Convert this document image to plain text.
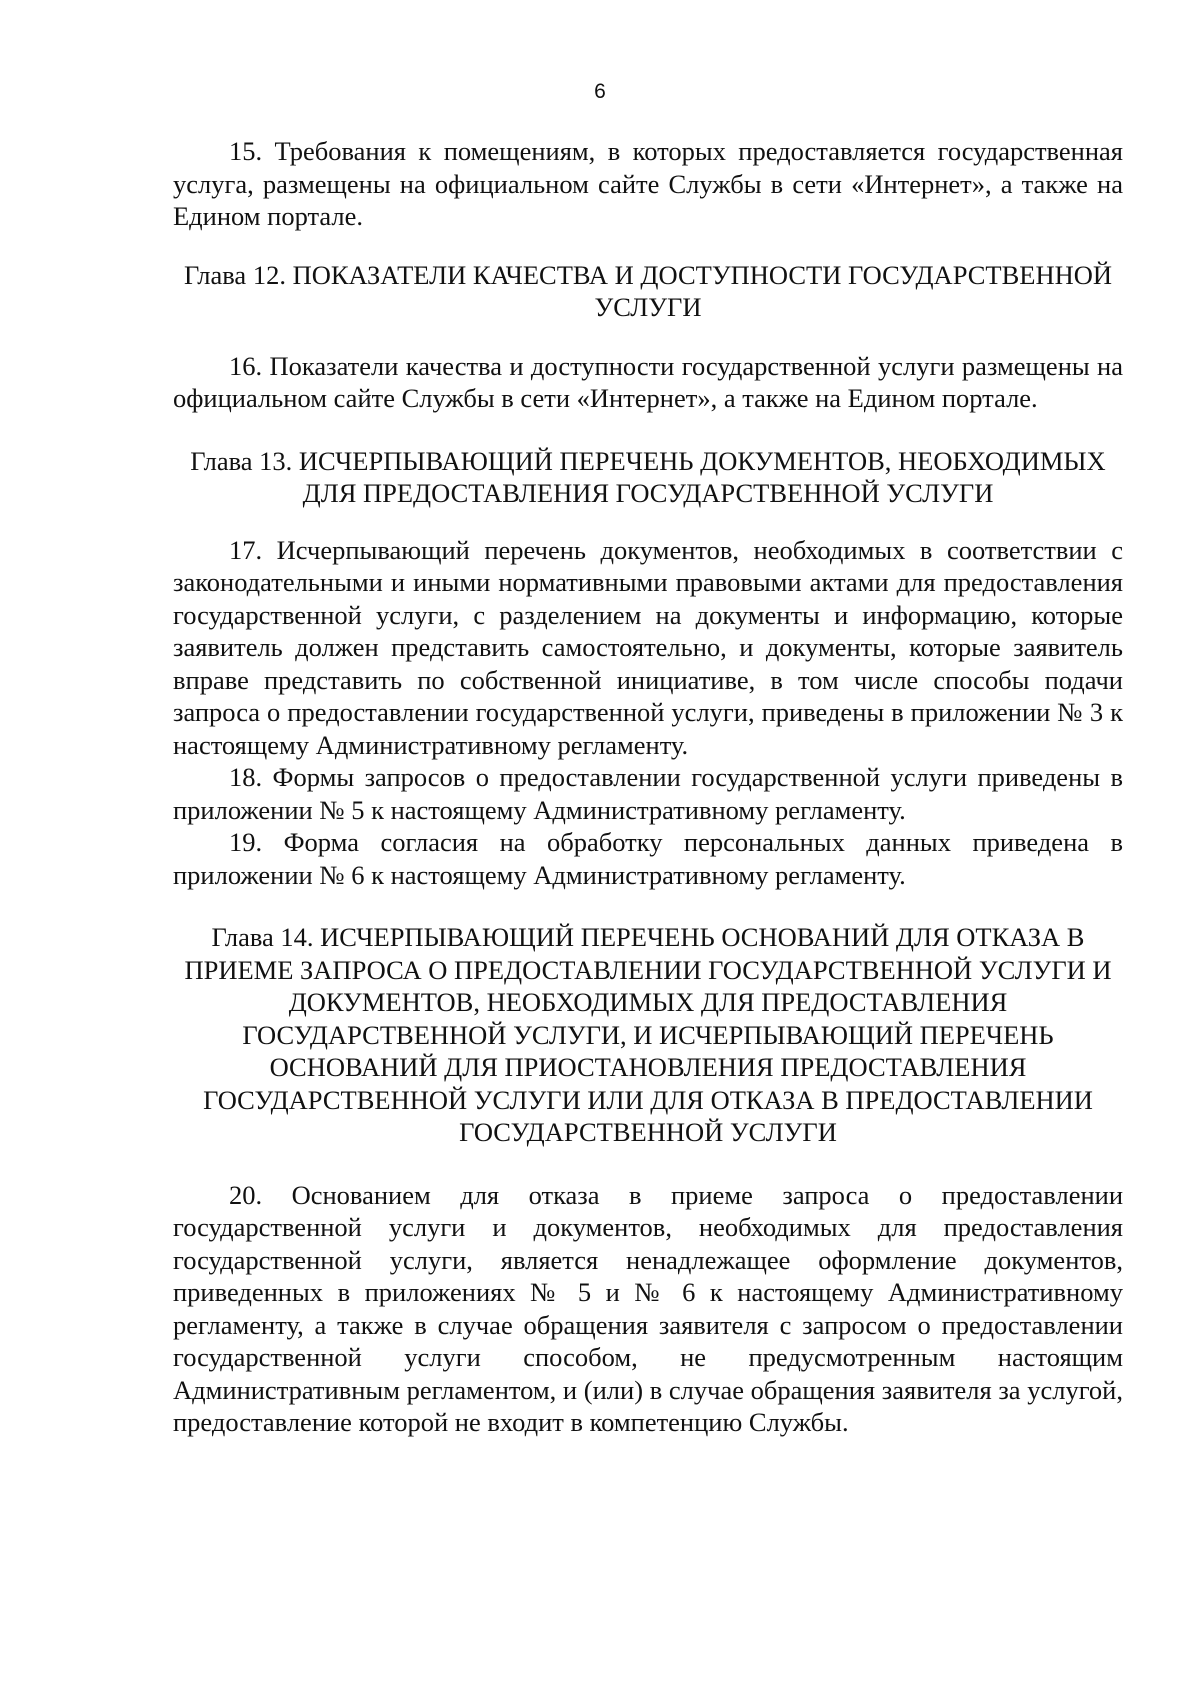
6

15. Требования к помещениям, в которых предоставляется государственная услуга, размещены на официальном сайте Службы в сети «Интернет», а также на Едином портале.

Глава 12. ПОКАЗАТЕЛИ КАЧЕСТВА И ДОСТУПНОСТИ ГОСУДАРСТВЕННОЙ УСЛУГИ

16. Показатели качества и доступности государственной услуги размещены на официальном сайте Службы в сети «Интернет», а также на Едином портале.

Глава 13. ИСЧЕРПЫВАЮЩИЙ ПЕРЕЧЕНЬ ДОКУМЕНТОВ, НЕОБХОДИМЫХ ДЛЯ ПРЕДОСТАВЛЕНИЯ ГОСУДАРСТВЕННОЙ УСЛУГИ

17. Исчерпывающий перечень документов, необходимых в соответствии с законодательными и иными нормативными правовыми актами для предоставления государственной услуги, с разделением на документы и информацию, которые заявитель должен представить самостоятельно, и документы, которые заявитель вправе представить по собственной инициативе, в том числе способы подачи запроса о предоставлении государственной услуги, приведены в приложении № 3 к настоящему Административному регламенту.

18. Формы запросов о предоставлении государственной услуги приведены в приложении № 5 к настоящему Административному регламенту.

19. Форма согласия на обработку персональных данных приведена в приложении № 6 к настоящему Административному регламенту.

Глава 14. ИСЧЕРПЫВАЮЩИЙ ПЕРЕЧЕНЬ ОСНОВАНИЙ ДЛЯ ОТКАЗА В ПРИЕМЕ ЗАПРОСА О ПРЕДОСТАВЛЕНИИ ГОСУДАРСТВЕННОЙ УСЛУГИ И ДОКУМЕНТОВ, НЕОБХОДИМЫХ ДЛЯ ПРЕДОСТАВЛЕНИЯ ГОСУДАРСТВЕННОЙ УСЛУГИ, И ИСЧЕРПЫВАЮЩИЙ ПЕРЕЧЕНЬ ОСНОВАНИЙ ДЛЯ ПРИОСТАНОВЛЕНИЯ ПРЕДОСТАВЛЕНИЯ ГОСУДАРСТВЕННОЙ УСЛУГИ ИЛИ ДЛЯ ОТКАЗА В ПРЕДОСТАВЛЕНИИ ГОСУДАРСТВЕННОЙ УСЛУГИ

20. Основанием для отказа в приеме запроса о предоставлении государственной услуги и документов, необходимых для предоставления государственной услуги, является ненадлежащее оформление документов, приведенных в приложениях № 5 и № 6 к настоящему Административному регламенту, а также в случае обращения заявителя с запросом о предоставлении государственной услуги способом, не предусмотренным настоящим Административным регламентом, и (или) в случае обращения заявителя за услугой, предоставление которой не входит в компетенцию Службы.
